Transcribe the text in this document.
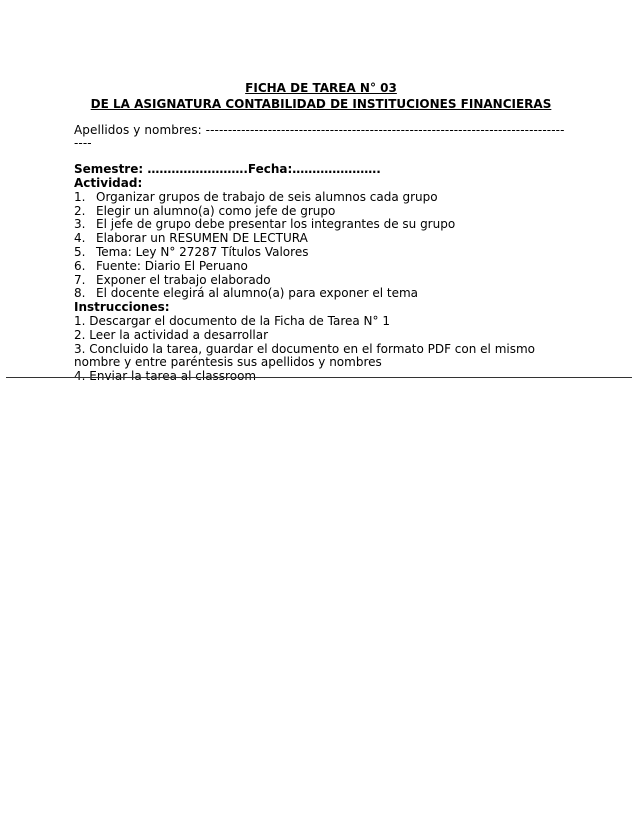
FICHA DE TAREA N° 03

DE LA ASIGNATURA CONTABILIDAD DE INSTITUCIONES FINANCIERAS

Apellidos y nombres: -------------------------------------------------------------------------------------

Semestre: …………………….Fecha:………………….

Actividad:

1. Organizar grupos de trabajo de seis alumnos cada grupo
2. Elegir un alumno(a) como jefe de grupo
3. El jefe de grupo debe presentar los integrantes de su grupo
4. Elaborar un RESUMEN DE LECTURA
5. Tema: Ley N° 27287 Títulos Valores
6. Fuente: Diario El Peruano
7. Exponer el trabajo elaborado
8. El docente elegirá al alumno(a) para exponer el tema

Instrucciones:

1. Descargar el documento de la Ficha de Tarea N° 1

2. Leer la actividad a desarrollar

3. Concluido la tarea, guardar el documento en el formato PDF con el mismo nombre y entre paréntesis sus apellidos y nombres

4. Enviar la tarea al classroom
